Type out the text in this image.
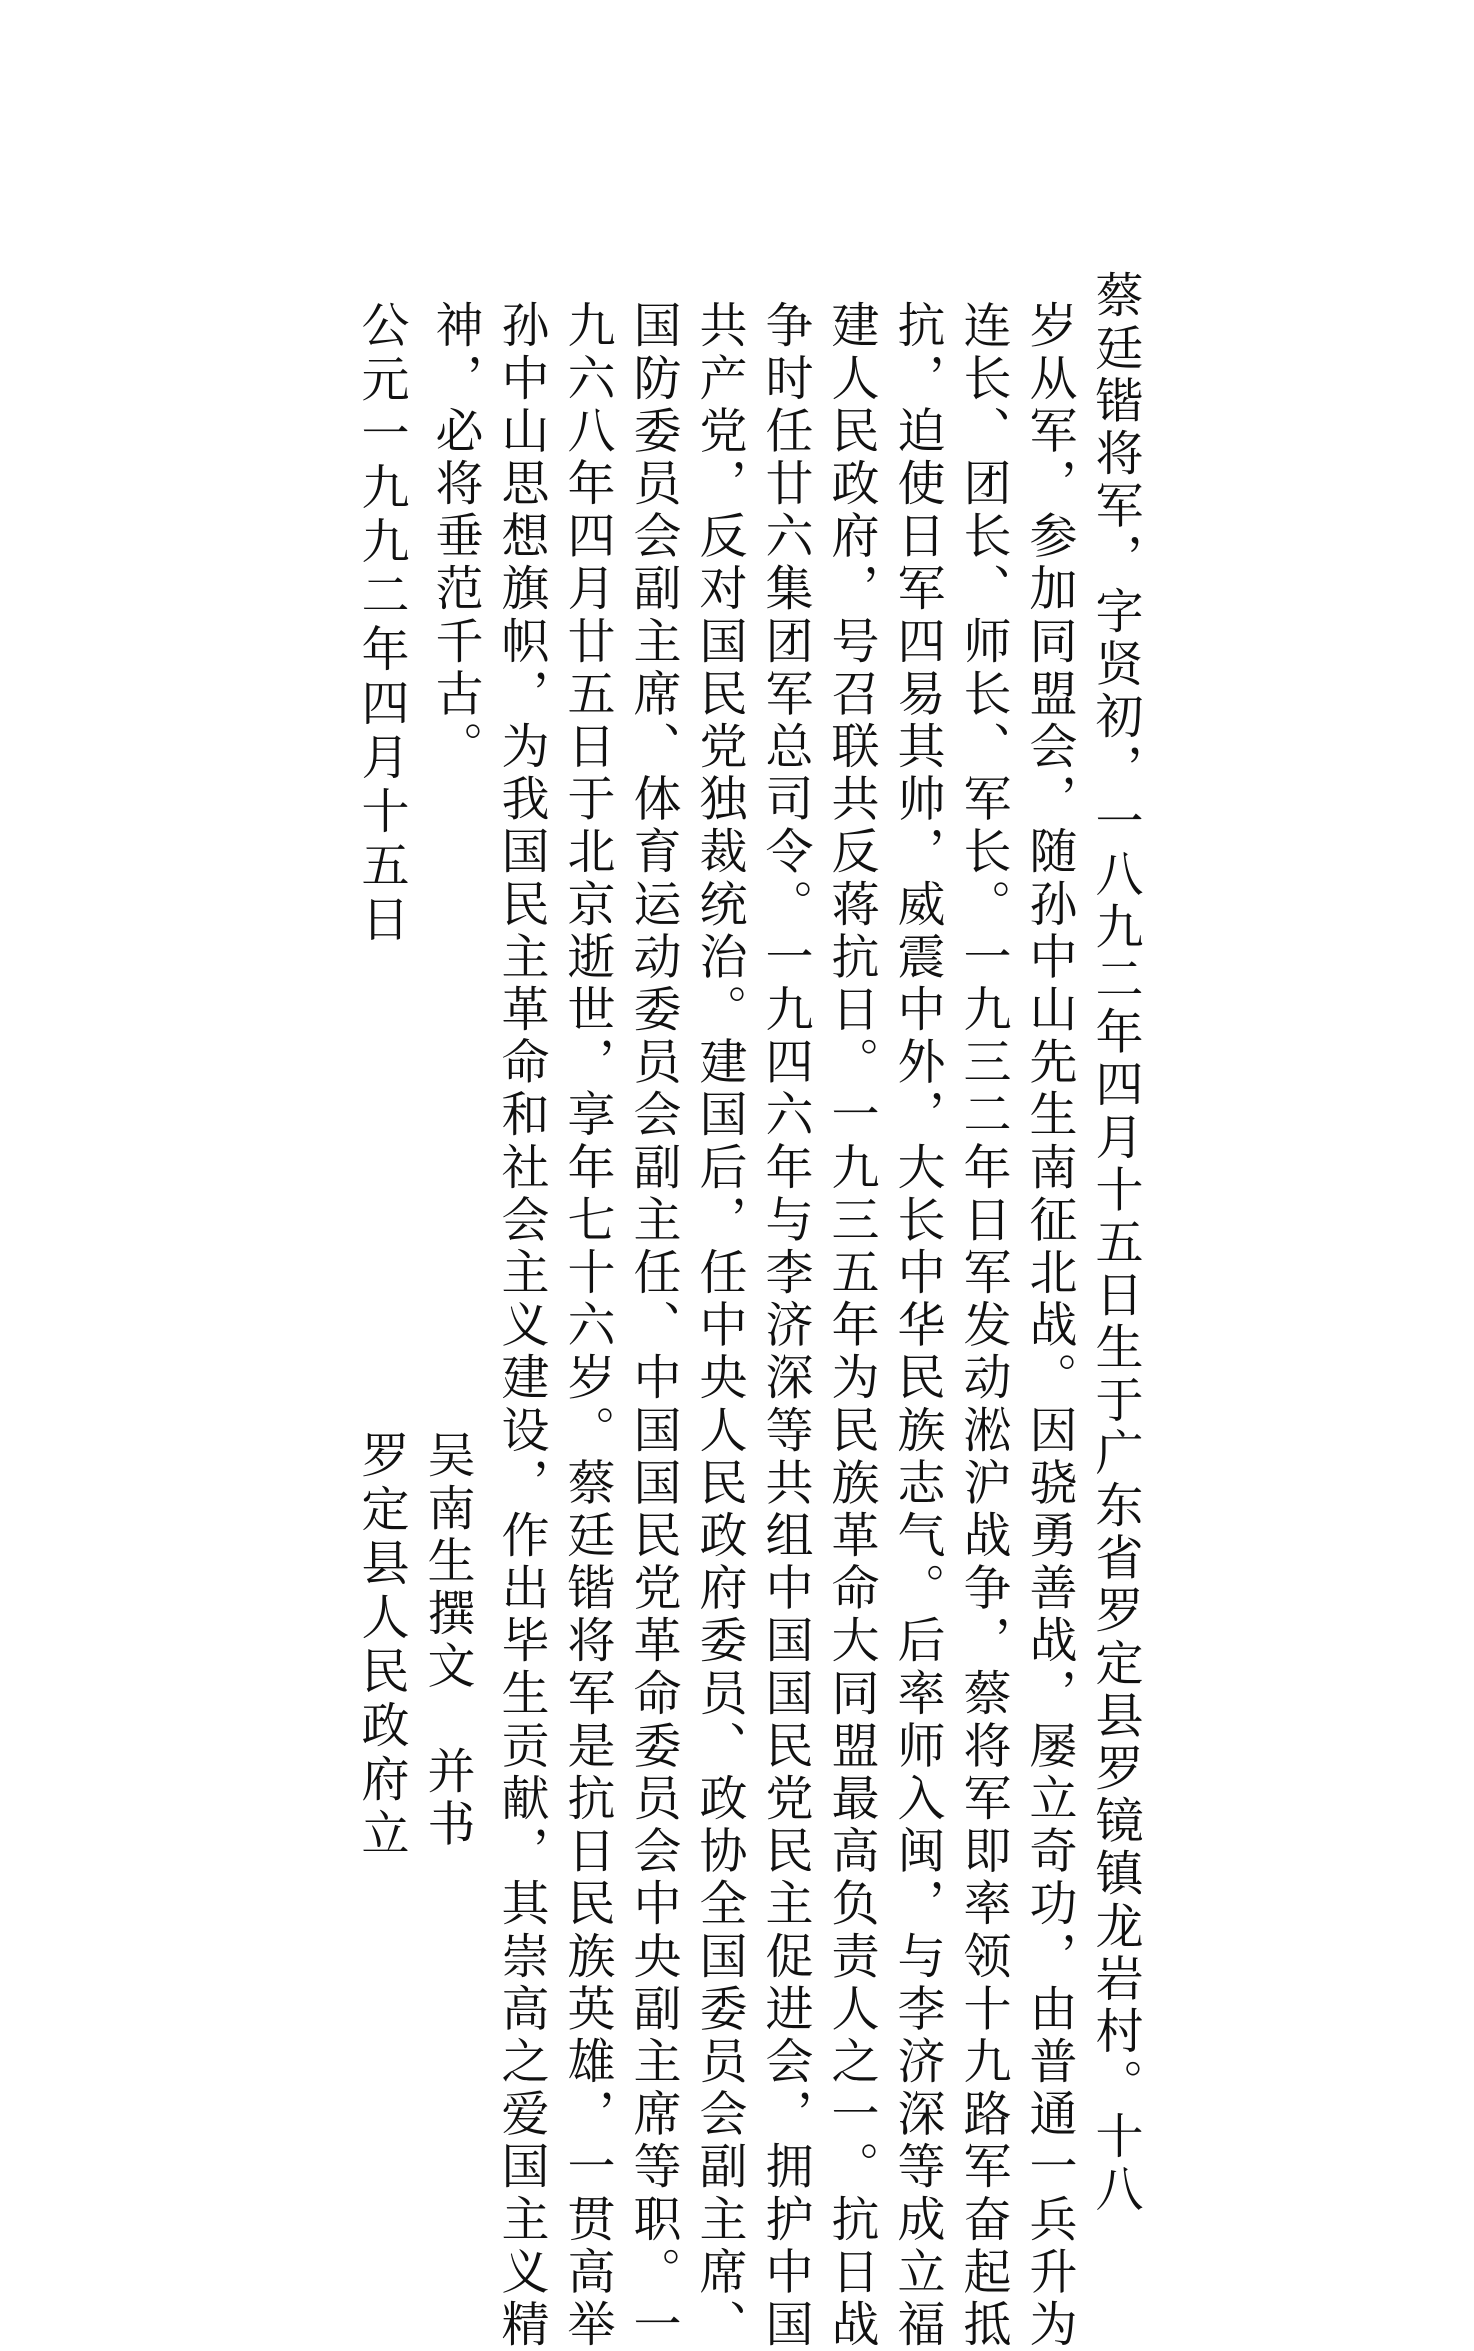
蔡廷锴将军，字贤初，一八九二年四月十五日生于广东省罗定县罗镜镇龙岩村。十八
岁从军，参加同盟会，随孙中山先生南征北战。因骁勇善战，屡立奇功，由普通一兵升为
连长、团长、师长、军长。一九三二年日军发动淞沪战争，蔡将军即率领十九路军奋起抵
抗，迫使日军四易其帅，威震中外，大长中华民族志气。后率师入闽，与李济深等成立福
建人民政府，号召联共反蒋抗日。一九三五年为民族革命大同盟最高负责人之一。抗日战
争时任廿六集团军总司令。一九四六年与李济深等共组中国国民党民主促进会，拥护中国
共产党，反对国民党独裁统治。建国后，任中央人民政府委员、政协全国委员会副主席、
国防委员会副主席、体育运动委员会副主任、中国国民党革命委员会中央副主席等职。一
九六八年四月廿五日于北京逝世，享年七十六岁。蔡廷锴将军是抗日民族英雄，一贯高举
孙中山思想旗帜，为我国民主革命和社会主义建设，作出毕生贡献，其崇高之爱国主义精
神，必将垂范千古。
吴南生撰文　并书
罗定县人民政府立
公元一九九二年四月十五日
